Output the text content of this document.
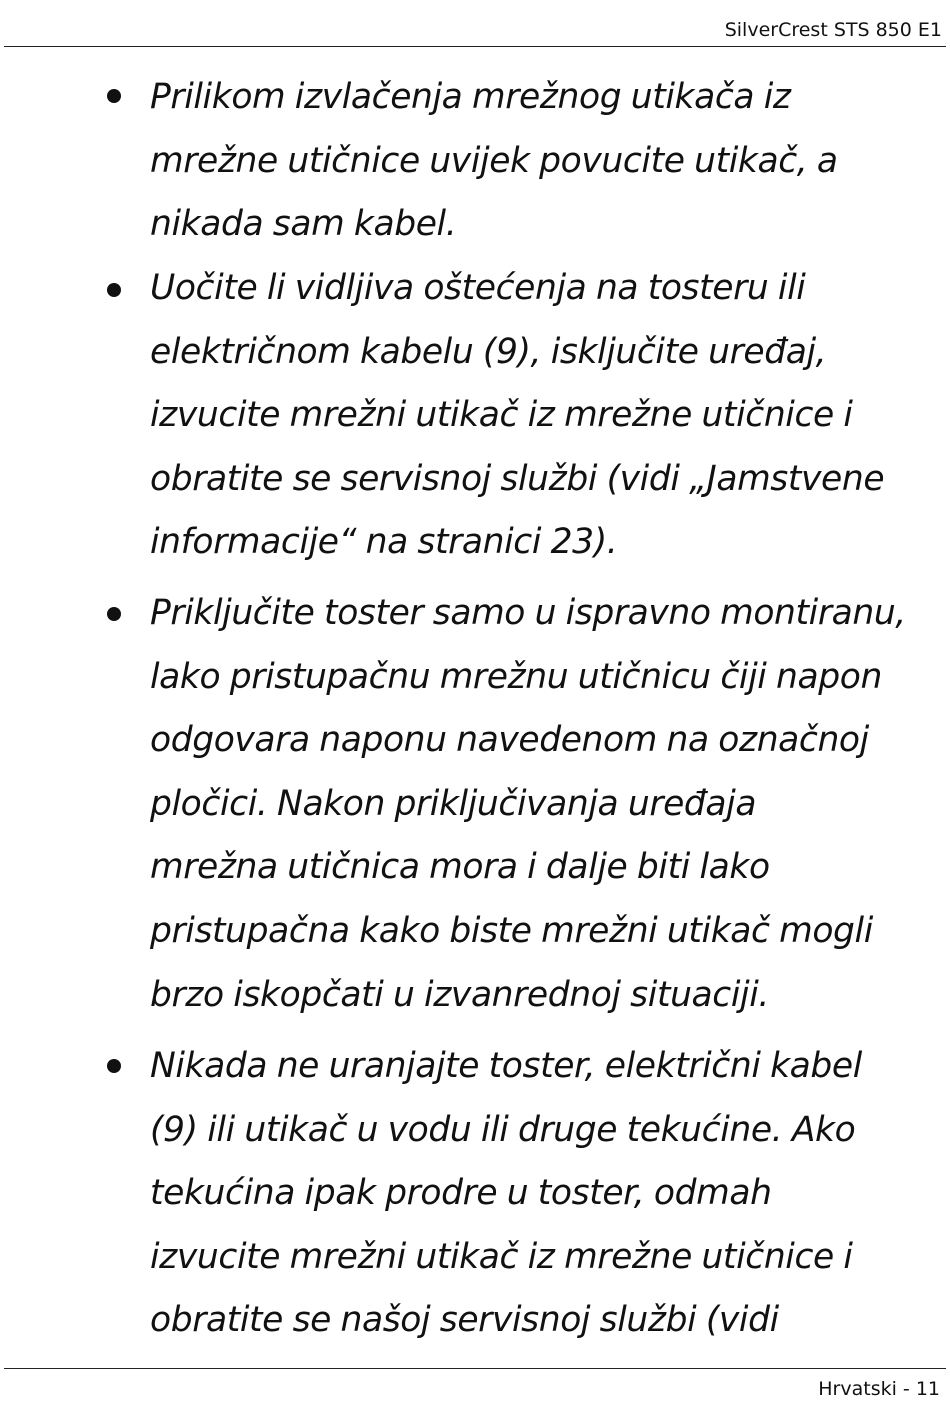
SilverCrest STS 850 E1
Prilikom izvlačenja mrežnog utikača iz
mrežne utičnice uvijek povucite utikač, a
nikada sam kabel.
Uočite li vidljiva oštećenja na tosteru ili
električnom kabelu (9), isključite uređaj,
izvucite mrežni utikač iz mrežne utičnice i
obratite se servisnoj službi (vidi „Jamstvene
informacije“ na stranici 23).
Priključite toster samo u ispravno montiranu,
lako pristupačnu mrežnu utičnicu čiji napon
odgovara naponu navedenom na označnoj
pločici. Nakon priključivanja uređaja
mrežna utičnica mora i dalje biti lako
pristupačna kako biste mrežni utikač mogli
brzo iskopčati u izvanrednoj situaciji.
Nikada ne uranjajte toster, električni kabel
(9) ili utikač u vodu ili druge tekućine. Ako
tekućina ipak prodre u toster, odmah
izvucite mrežni utikač iz mrežne utičnice i
obratite se našoj servisnoj službi (vidi
Hrvatski - 11
